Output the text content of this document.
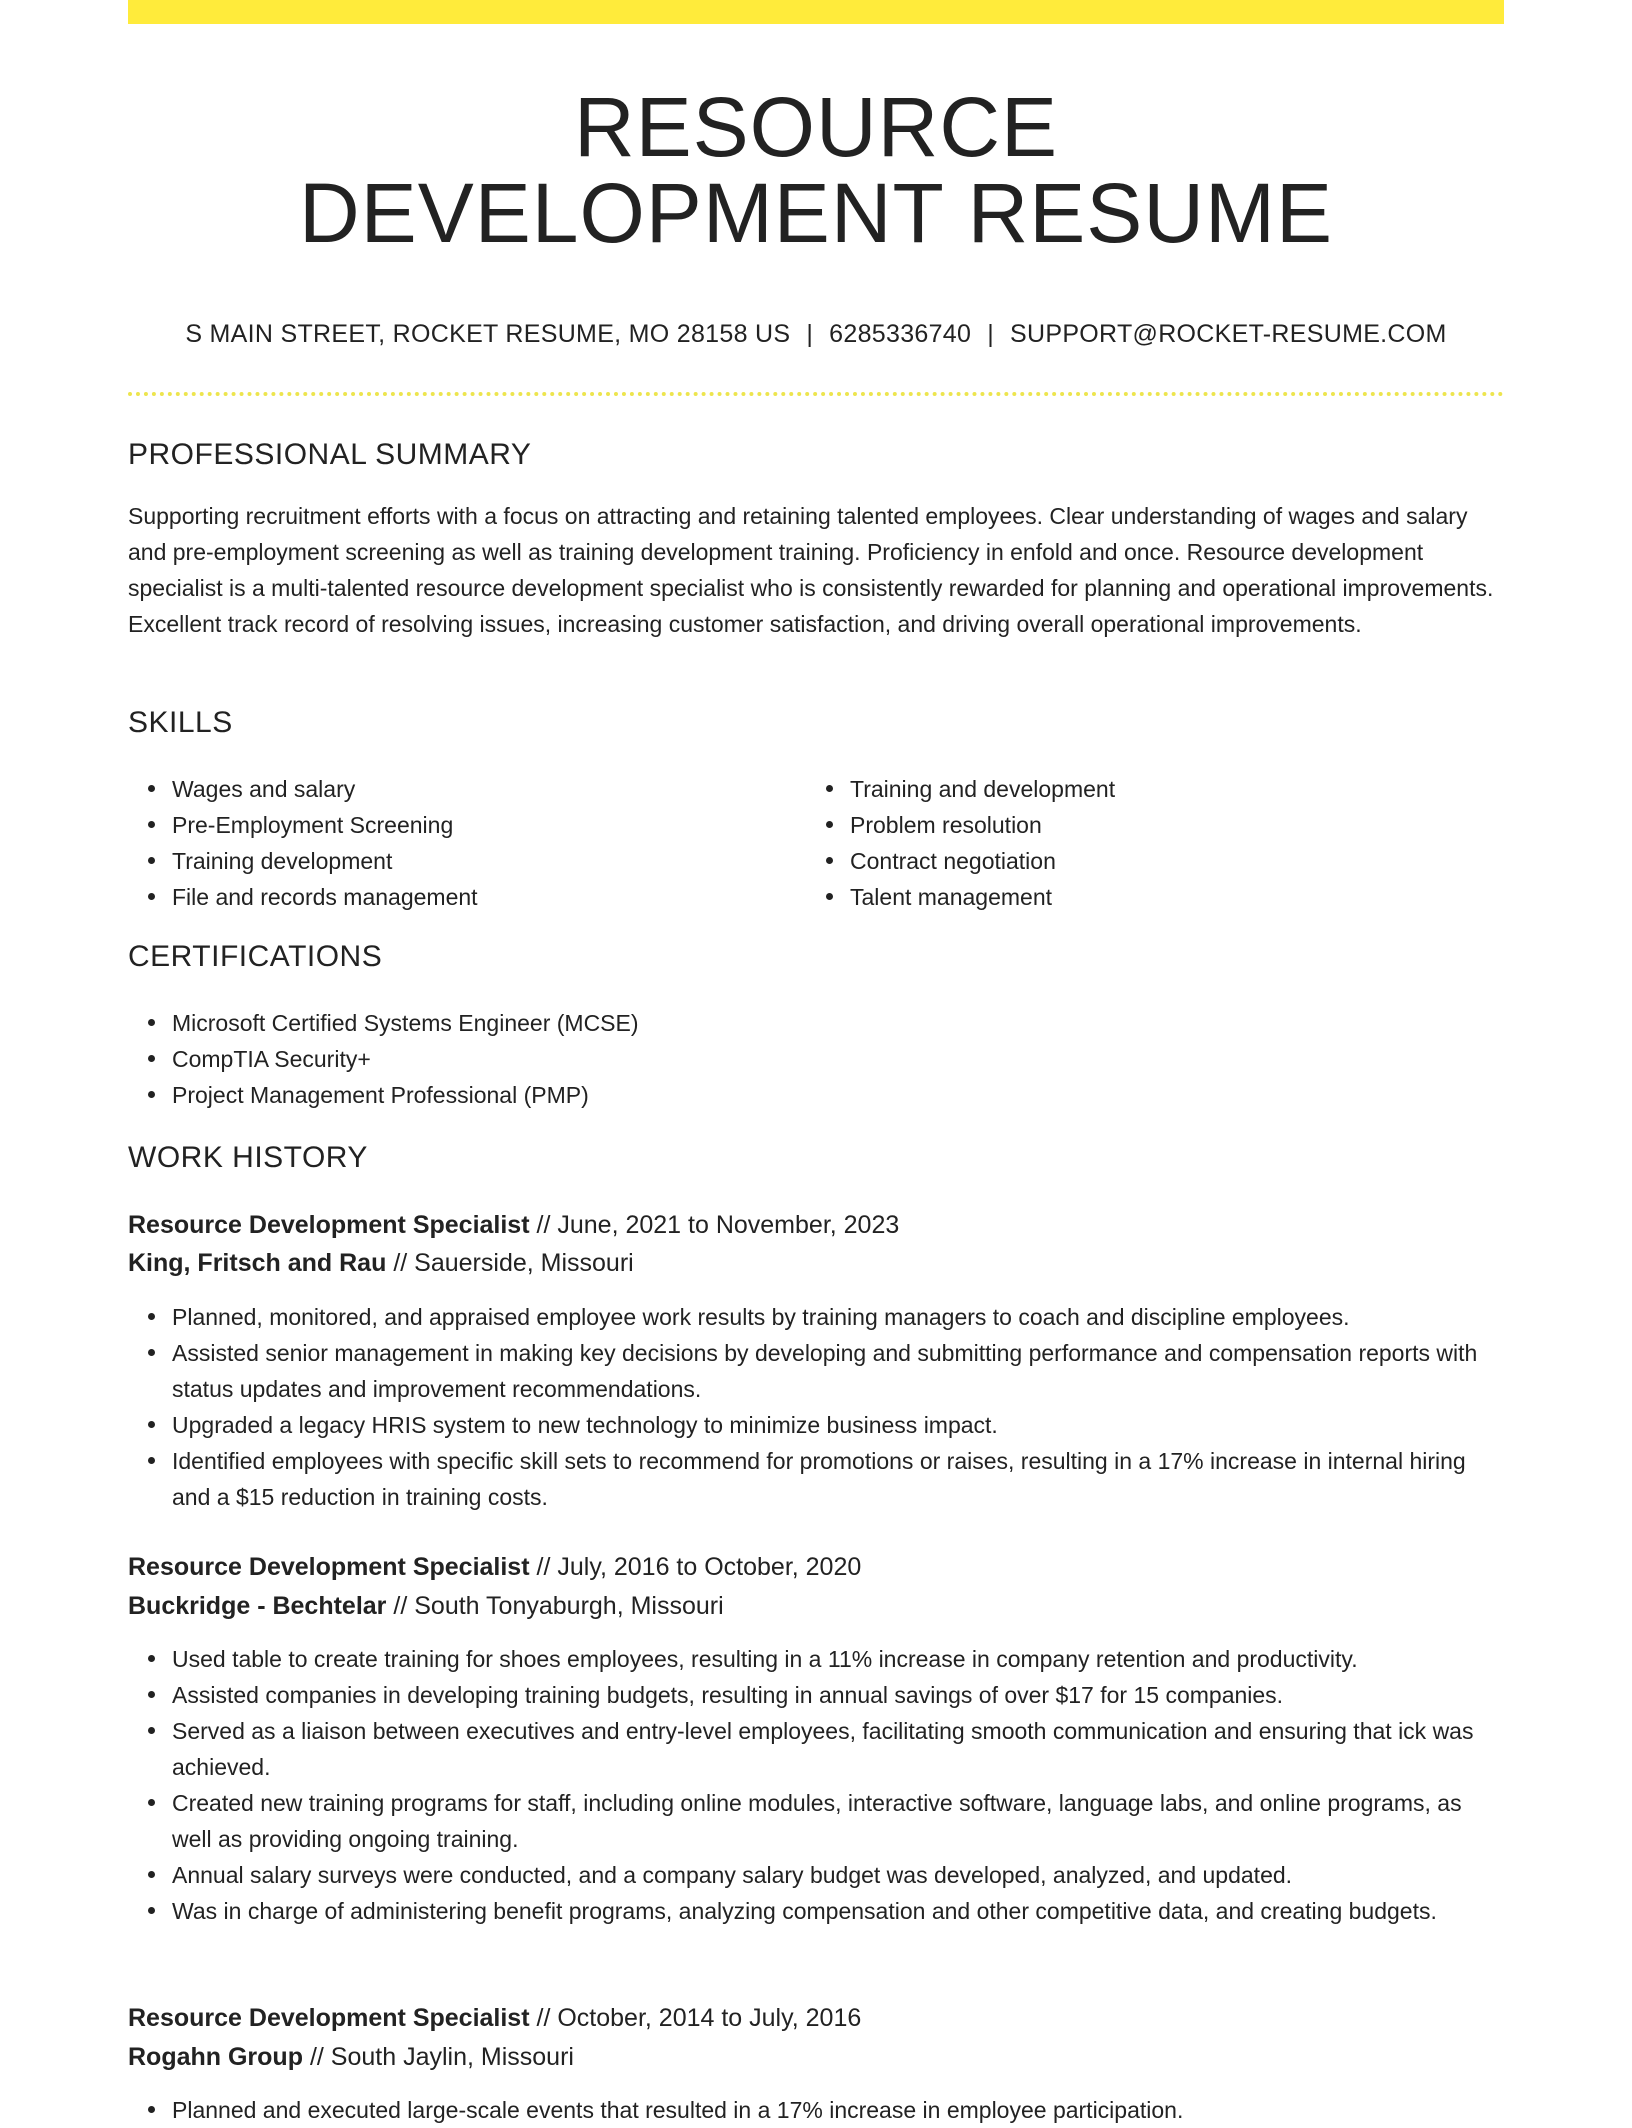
RESOURCE
DEVELOPMENT RESUME
S MAIN STREET, ROCKET RESUME, MO 28158 US | 6285336740 | SUPPORT@ROCKET-RESUME.COM
PROFESSIONAL SUMMARY

Supporting recruitment efforts with a focus on attracting and retaining talented employees. Clear understanding of wages and salary and pre-employment screening as well as training development training. Proficiency in enfold and once. Resource development specialist is a multi-talented resource development specialist who is consistently rewarded for planning and operational improvements. Excellent track record of resolving issues, increasing customer satisfaction, and driving overall operational improvements.

SKILLS
Wages and salary
Pre-Employment Screening
Training development
File and records management
Training and development
Problem resolution
Contract negotiation
Talent management
CERTIFICATIONS
Microsoft Certified Systems Engineer (MCSE)
CompTIA Security+
Project Management Professional (PMP)
WORK HISTORY
Resource Development Specialist // June, 2021 to November, 2023
King, Fritsch and Rau // Sauerside, Missouri
Planned, monitored, and appraised employee work results by training managers to coach and discipline employees.
Assisted senior management in making key decisions by developing and submitting performance and compensation reports with status updates and improvement recommendations.
Upgraded a legacy HRIS system to new technology to minimize business impact.
Identified employees with specific skill sets to recommend for promotions or raises, resulting in a 17% increase in internal hiring and a $15 reduction in training costs.
Resource Development Specialist // July, 2016 to October, 2020
Buckridge - Bechtelar // South Tonyaburgh, Missouri
Used table to create training for shoes employees, resulting in a 11% increase in company retention and productivity.
Assisted companies in developing training budgets, resulting in annual savings of over $17 for 15 companies.
Served as a liaison between executives and entry-level employees, facilitating smooth communication and ensuring that ick was achieved.
Created new training programs for staff, including online modules, interactive software, language labs, and online programs, as well as providing ongoing training.
Annual salary surveys were conducted, and a company salary budget was developed, analyzed, and updated.
Was in charge of administering benefit programs, analyzing compensation and other competitive data, and creating budgets.
Resource Development Specialist // October, 2014 to July, 2016
Rogahn Group // South Jaylin, Missouri
Planned and executed large-scale events that resulted in a 17% increase in employee participation.
